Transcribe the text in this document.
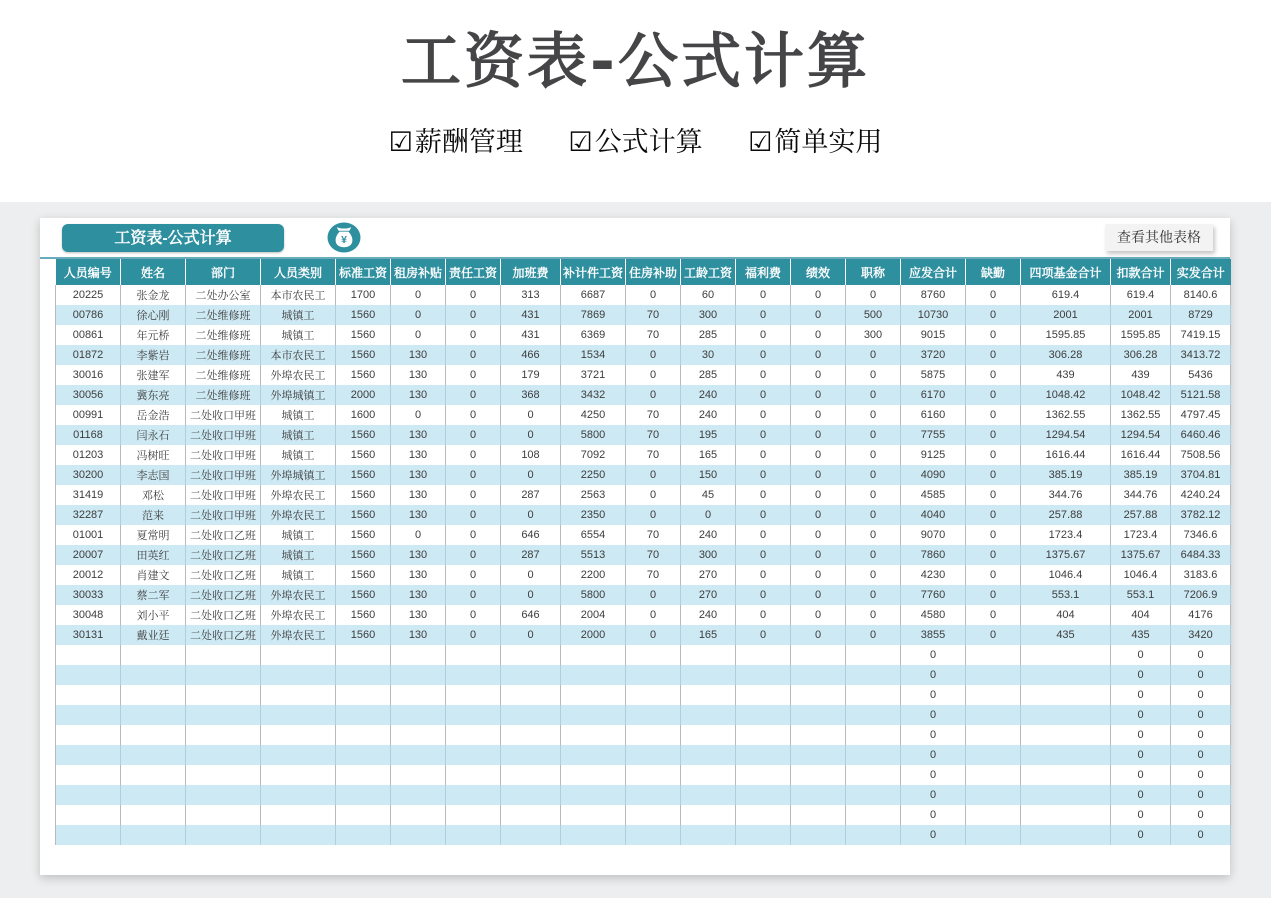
工资表-公式计算
☑薪酬管理 ☑公式计算 ☑简单实用
工资表-公式计算	¥	查看其他表格
人员编号	姓名	部门	人员类别	标准工资	租房补贴	责任工资	加班费	补计件工资	住房补助	工龄工资	福利费	绩效	职称	应发合计	缺勤	四项基金合计	扣款合计	实发合计
20225	张金龙	二处办公室	本市农民工	1700	0	0	313	6687	0	60	0	0	0	8760	0	619.4	619.4	8140.6
00786	徐心刚	二处维修班	城镇工	1560	0	0	431	7869	70	300	0	0	500	10730	0	2001	2001	8729
00861	年元桥	二处维修班	城镇工	1560	0	0	431	6369	70	285	0	0	300	9015	0	1595.85	1595.85	7419.15
01872	李紫岩	二处维修班	本市农民工	1560	130	0	466	1534	0	30	0	0	0	3720	0	306.28	306.28	3413.72
30016	张建军	二处维修班	外埠农民工	1560	130	0	179	3721	0	285	0	0	0	5875	0	439	439	5436
30056	冀东亮	二处维修班	外埠城镇工	2000	130	0	368	3432	0	240	0	0	0	6170	0	1048.42	1048.42	5121.58
00991	岳金浩	二处收口甲班	城镇工	1600	0	0	0	4250	70	240	0	0	0	6160	0	1362.55	1362.55	4797.45
01168	闫永石	二处收口甲班	城镇工	1560	130	0	0	5800	70	195	0	0	0	7755	0	1294.54	1294.54	6460.46
01203	冯树旺	二处收口甲班	城镇工	1560	130	0	108	7092	70	165	0	0	0	9125	0	1616.44	1616.44	7508.56
30200	李志国	二处收口甲班	外埠城镇工	1560	130	0	0	2250	0	150	0	0	0	4090	0	385.19	385.19	3704.81
31419	邓松	二处收口甲班	外埠农民工	1560	130	0	287	2563	0	45	0	0	0	4585	0	344.76	344.76	4240.24
32287	范来	二处收口甲班	外埠农民工	1560	130	0	0	2350	0	0	0	0	0	4040	0	257.88	257.88	3782.12
01001	夏常明	二处收口乙班	城镇工	1560	0	0	646	6554	70	240	0	0	0	9070	0	1723.4	1723.4	7346.6
20007	田英红	二处收口乙班	城镇工	1560	130	0	287	5513	70	300	0	0	0	7860	0	1375.67	1375.67	6484.33
20012	肖建文	二处收口乙班	城镇工	1560	130	0	0	2200	70	270	0	0	0	4230	0	1046.4	1046.4	3183.6
30033	蔡二军	二处收口乙班	外埠农民工	1560	130	0	0	5800	0	270	0	0	0	7760	0	553.1	553.1	7206.9
30048	刘小平	二处收口乙班	外埠农民工	1560	130	0	646	2004	0	240	0	0	0	4580	0	404	404	4176
30131	戴业廷	二处收口乙班	外埠农民工	1560	130	0	0	2000	0	165	0	0	0	3855	0	435	435	3420
														0			0	0
														0			0	0
														0			0	0
														0			0	0
														0			0	0
														0			0	0
														0			0	0
														0			0	0
														0			0	0
														0			0	0
